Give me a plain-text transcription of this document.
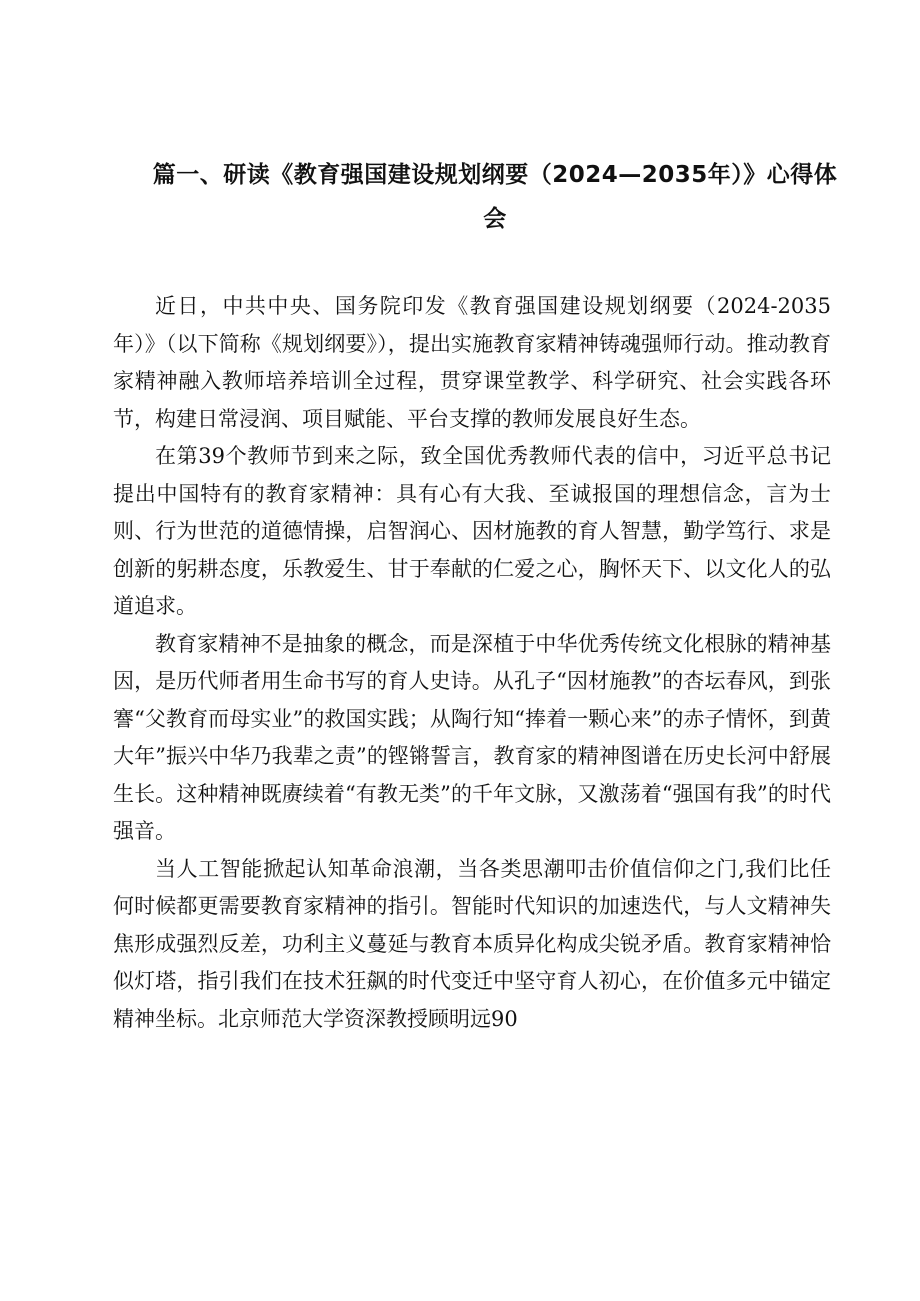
篇一、研读《教育强国建设规划纲要（2024—2035年）》心得体
会

近日，中共中央、国务院印发《教育强国建设规划纲要（2024-2035年）》（以下简称《规划纲要》），提出实施教育家精神铸魂强师行动。推动教育家精神融入教师培养培训全过程，贯穿课堂教学、科学研究、社会实践各环节，构建日常浸润、项目赋能、平台支撑的教师发展良好生态。

在第39个教师节到来之际，致全国优秀教师代表的信中，习近平总书记提出中国特有的教育家精神：具有心有大我、至诚报国的理想信念，言为士则、行为世范的道德情操，启智润心、因材施教的育人智慧，勤学笃行、求是创新的躬耕态度，乐教爱生、甘于奉献的仁爱之心，胸怀天下、以文化人的弘道追求。

教育家精神不是抽象的概念，而是深植于中华优秀传统文化根脉的精神基因，是历代师者用生命书写的育人史诗。从孔子“因材施教”的杏坛春风，到张謇“父教育而母实业”的救国实践；从陶行知“捧着一颗心来”的赤子情怀，到黄大年”振兴中华乃我辈之责”的铿锵誓言，教育家的精神图谱在历史长河中舒展生长。这种精神既赓续着“有教无类”的千年文脉，又激荡着“强国有我”的时代强音。

当人工智能掀起认知革命浪潮，当各类思潮叩击价值信仰之门,我们比任何时候都更需要教育家精神的指引。智能时代知识的加速迭代，与人文精神失焦形成强烈反差，功利主义蔓延与教育本质异化构成尖锐矛盾。教育家精神恰似灯塔，指引我们在技术狂飙的时代变迁中坚守育人初心，在价值多元中锚定精神坐标。北京师范大学资深教授顾明远90
